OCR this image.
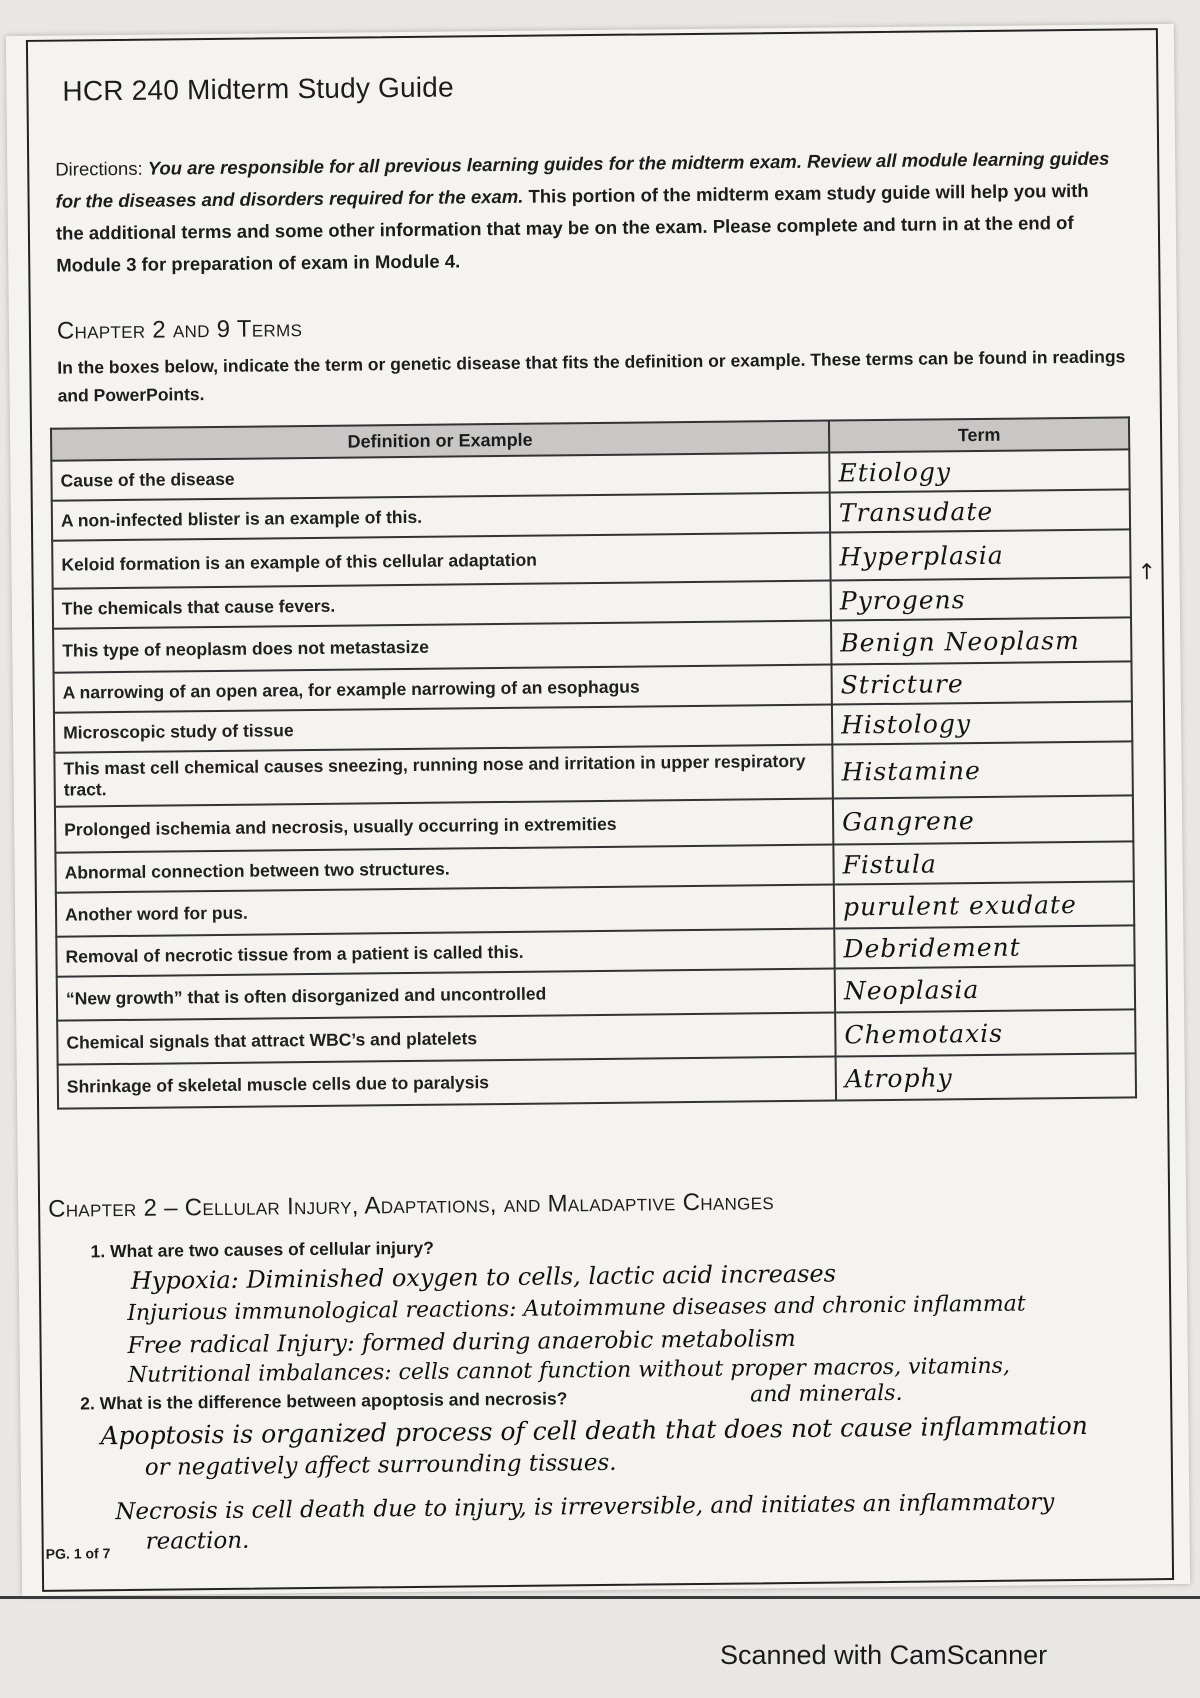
HCR 240 Midterm Study Guide
Directions: You are responsible for all previous learning guides for the midterm exam. Review all module learning guides for the diseases and disorders required for the exam. This portion of the midterm exam study guide will help you with the additional terms and some other information that may be on the exam. Please complete and turn in at the end of Module 3 for preparation of exam in Module 4.
Chapter 2 and 9 Terms
In the boxes below, indicate the term or genetic disease that fits the definition or example. These terms can be found in readings and PowerPoints.
Definition or Example	Term
Cause of the disease	Etiology
A non-infected blister is an example of this.	Transudate
Keloid formation is an example of this cellular adaptation	Hyperplasia
The chemicals that cause fevers.	Pyrogens
This type of neoplasm does not metastasize	Benign Neoplasm
A narrowing of an open area, for example narrowing of an esophagus	Stricture
Microscopic study of tissue	Histology
This mast cell chemical causes sneezing, running nose and irritation in upper respiratory tract.	Histamine
Prolonged ischemia and necrosis, usually occurring in extremities	Gangrene
Abnormal connection between two structures.	Fistula
Another word for pus.	purulent exudate
Removal of necrotic tissue from a patient is called this.	Debridement
“New growth” that is often disorganized and uncontrolled	Neoplasia
Chemical signals that attract WBC’s and platelets	Chemotaxis
Shrinkage of skeletal muscle cells due to paralysis	Atrophy
↑
Chapter 2 – Cellular Injury, Adaptations, and Maladaptive Changes
1. What are two causes of cellular injury?
Hypoxia: Diminished oxygen to cells, lactic acid increases
Injurious immunological reactions: Autoimmune diseases and chronic inflammat
Free radical Injury: formed during anaerobic metabolism
Nutritional imbalances: cells cannot function without proper macros, vitamins,
and minerals.
2. What is the difference between apoptosis and necrosis?
Apoptosis is organized process of cell death that does not cause inflammation
or negatively affect surrounding tissues.
Necrosis is cell death due to injury, is irreversible, and initiates an inflammatory
reaction.
PG. 1 of 7
Scanned with CamScanner
